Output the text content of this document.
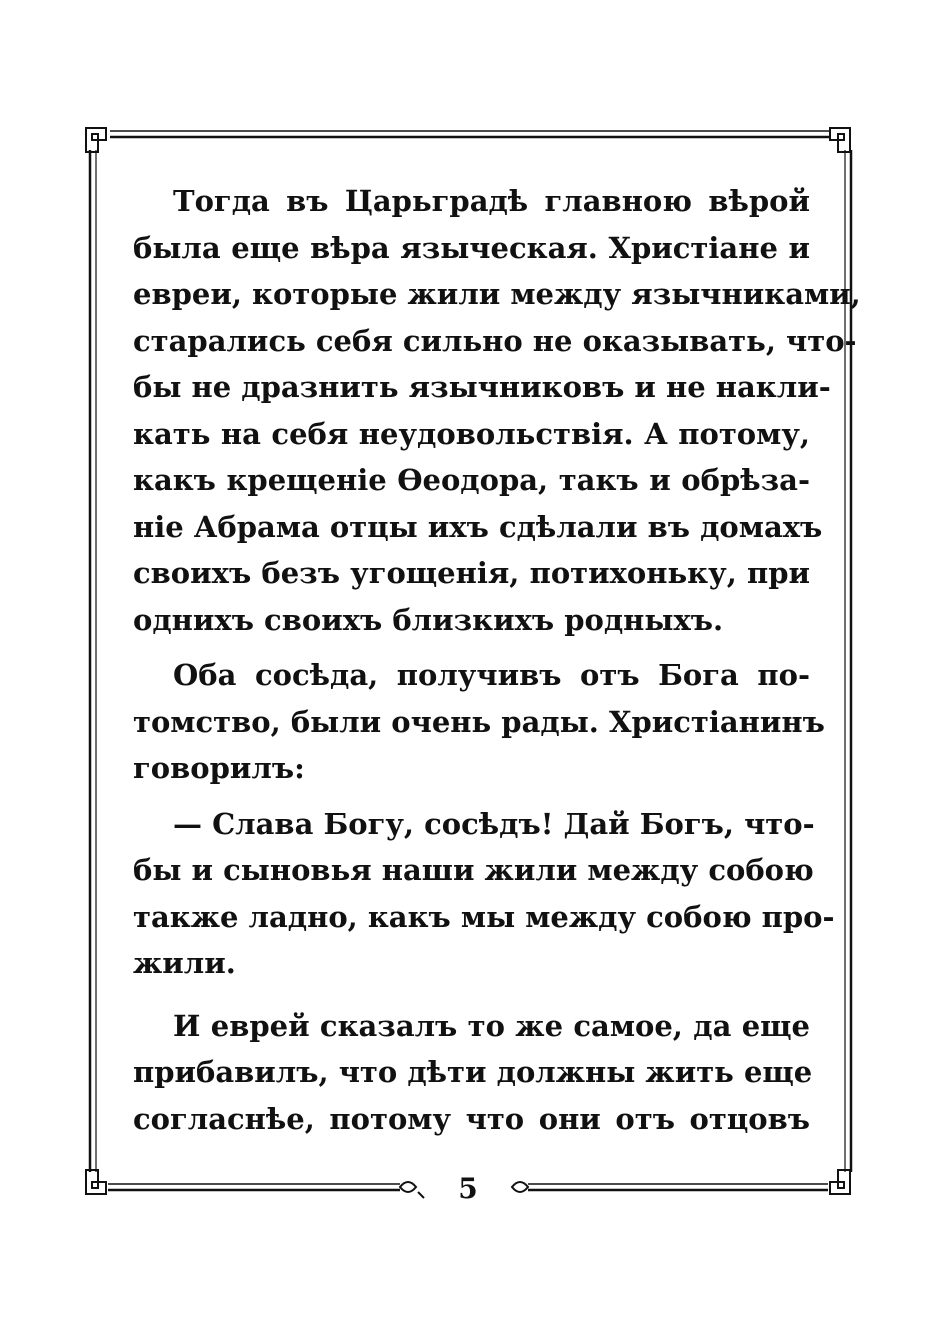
Тогда въ Царьградѣ главною вѣрой
была еще вѣра языческая. Христіане и
евреи, которые жили между язычниками,
старались себя сильно не оказывать, что-
бы не дразнить язычниковъ и не накли-
кать на себя неудовольствія. А потому,
какъ крещеніе Ѳеодора, такъ и обрѣза-
ніе Абрама отцы ихъ сдѣлали въ домахъ
своихъ безъ угощенія, потихоньку, при
однихъ своихъ близкихъ родныхъ.
Оба сосѣда, получивъ отъ Бога по-
томство, были очень рады. Христіанинъ
говорилъ:
— Слава Богу, сосѣдъ! Дай Богъ, что-
бы и сыновья наши жили между собою
также ладно, какъ мы между собою про-
жили.
И еврей сказалъ то же самое, да еще
прибавилъ, что дѣти должны жить еще
согласнѣе, потому что они отъ отцовъ
5
